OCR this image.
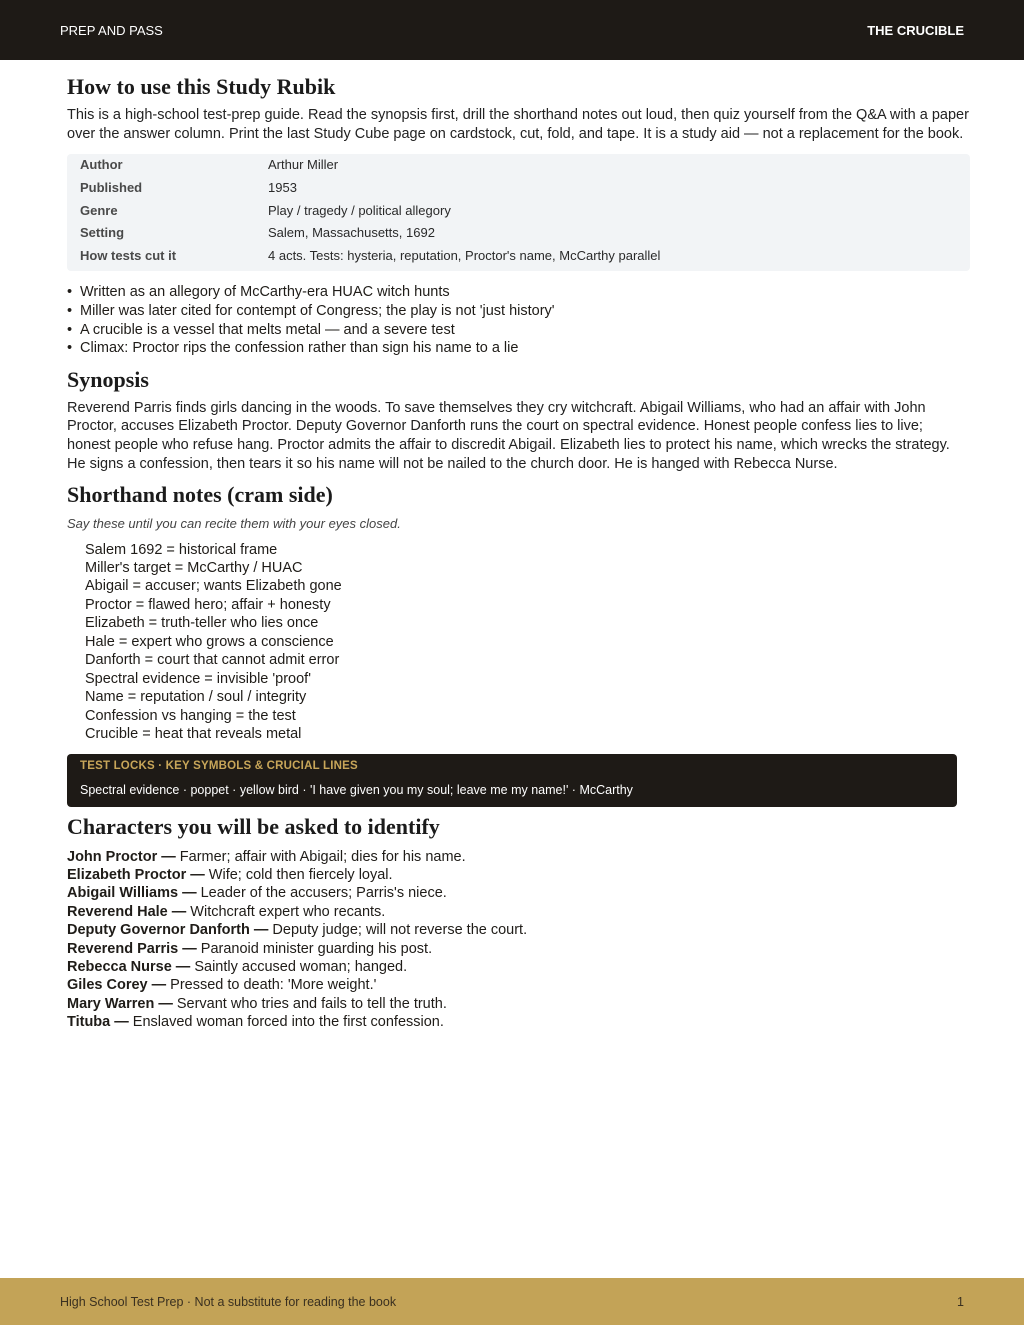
PREP AND PASS	THE CRUCIBLE
How to use this Study Rubik

This is a high-school test-prep guide. Read the synopsis first, drill the shorthand notes out loud, then quiz yourself from the Q&A with a paper over the answer column. Print the last Study Cube page on cardstock, cut, fold, and tape. It is a study aid — not a replacement for the book.

Author	Arthur Miller
Published	1953
Genre	Play / tragedy / political allegory
Setting	Salem, Massachusetts, 1692
How tests cut it	4 acts. Tests: hysteria, reputation, Proctor's name, McCarthy parallel
• Written as an allegory of McCarthy-era HUAC witch hunts
• Miller was later cited for contempt of Congress; the play is not 'just history'
• A crucible is a vessel that melts metal — and a severe test
• Climax: Proctor rips the confession rather than sign his name to a lie
Synopsis

Reverend Parris finds girls dancing in the woods. To save themselves they cry witchcraft. Abigail Williams, who had an affair with John Proctor, accuses Elizabeth Proctor. Deputy Governor Danforth runs the court on spectral evidence. Honest people confess lies to live; honest people who refuse hang. Proctor admits the affair to discredit Abigail. Elizabeth lies to protect his name, which wrecks the strategy. He signs a confession, then tears it so his name will not be nailed to the church door. He is hanged with Rebecca Nurse.

Shorthand notes (cram side)

Say these until you can recite them with your eyes closed.

Salem 1692 = historical frame
Miller's target = McCarthy / HUAC
Abigail = accuser; wants Elizabeth gone
Proctor = flawed hero; affair + honesty
Elizabeth = truth-teller who lies once
Hale = expert who grows a conscience
Danforth = court that cannot admit error
Spectral evidence = invisible 'proof'
Name = reputation / soul / integrity
Confession vs hanging = the test
Crucible = heat that reveals metal
TEST LOCKS · KEY SYMBOLS & CRUCIAL LINES
Spectral evidence · poppet · yellow bird · 'I have given you my soul; leave me my name!' · McCarthy
Characters you will be asked to identify
John Proctor — Farmer; affair with Abigail; dies for his name.
Elizabeth Proctor — Wife; cold then fiercely loyal.
Abigail Williams — Leader of the accusers; Parris's niece.
Reverend Hale — Witchcraft expert who recants.
Deputy Governor Danforth — Deputy judge; will not reverse the court.
Reverend Parris — Paranoid minister guarding his post.
Rebecca Nurse — Saintly accused woman; hanged.
Giles Corey — Pressed to death: 'More weight.'
Mary Warren — Servant who tries and fails to tell the truth.
Tituba — Enslaved woman forced into the first confession.
High School Test Prep · Not a substitute for reading the book	1
